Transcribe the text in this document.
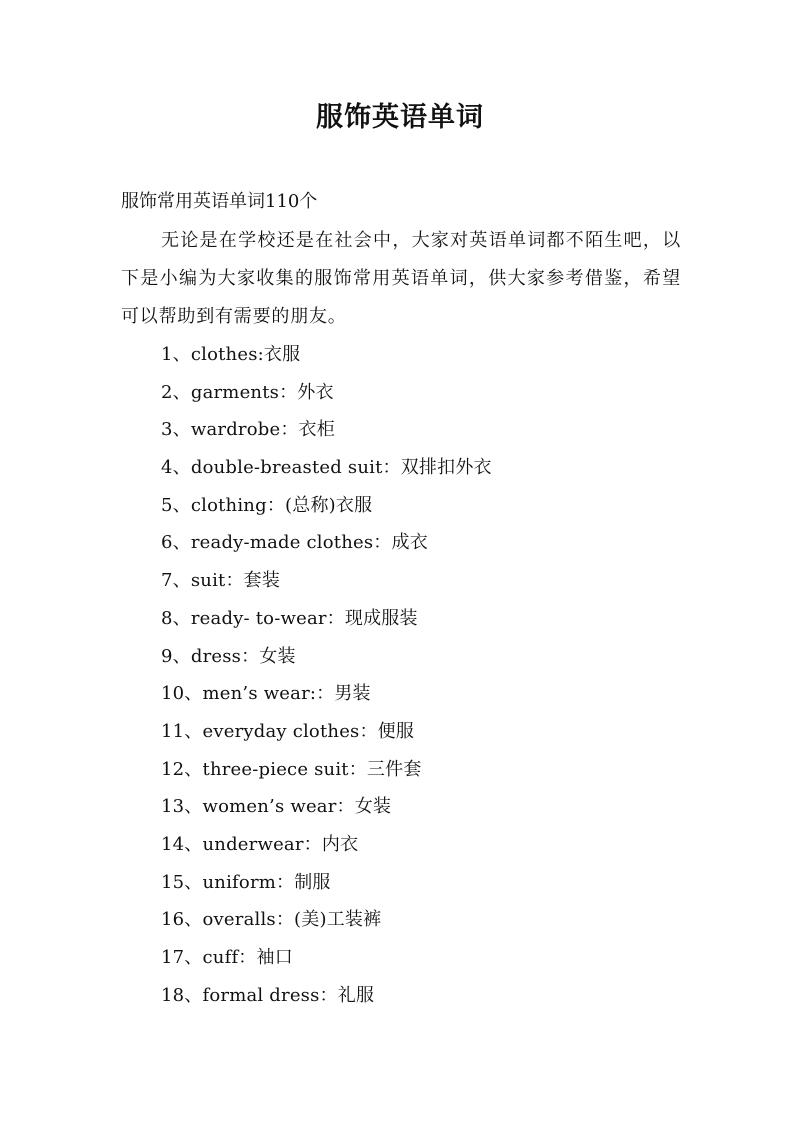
服饰英语单词

服饰常用英语单词110个

无论是在学校还是在社会中，大家对英语单词都不陌生吧，以下是小编为大家收集的服饰常用英语单词，供大家参考借鉴，希望可以帮助到有需要的朋友。

1、clothes:衣服
2、garments：外衣
3、wardrobe：衣柜
4、double-breasted suit：双排扣外衣
5、clothing：(总称)衣服
6、ready-made clothes：成衣
7、suit：套装
8、ready- to-wear：现成服装
9、dress：女装
10、men’s wear:：男装
11、everyday clothes：便服
12、three-piece suit：三件套
13、women’s wear：女装
14、underwear：内衣
15、uniform：制服
16、overalls：(美)工装裤
17、cuff：袖口
18、formal dress：礼服
